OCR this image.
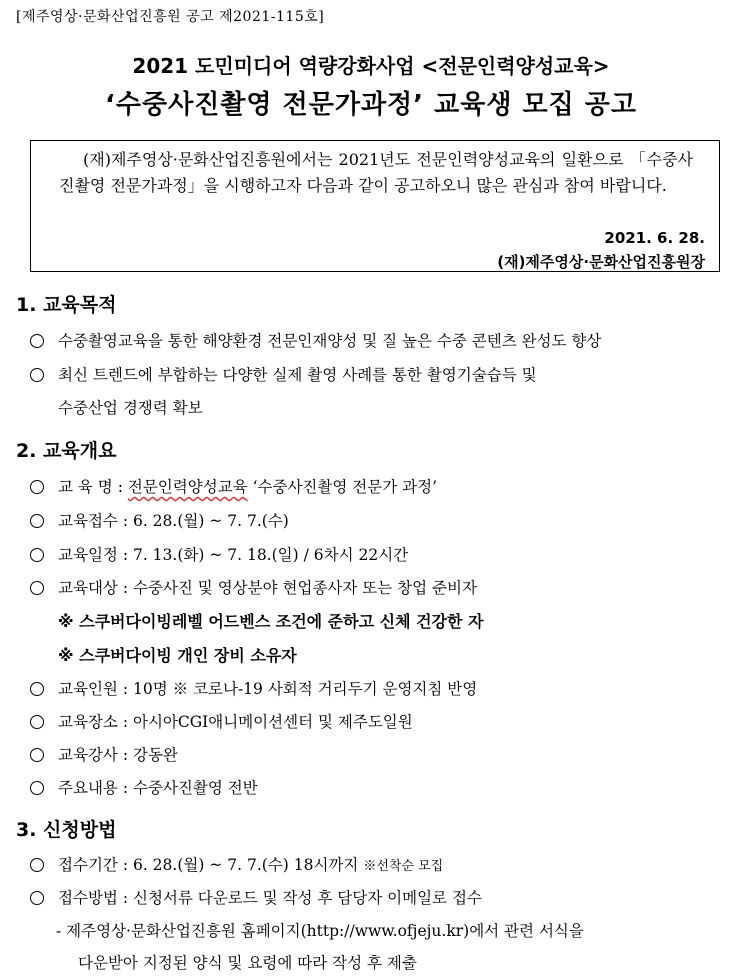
[제주영상·문화산업진흥원 공고 제2021-115호]
2021 도민미디어 역량강화사업 <전문인력양성교육>
‘수중사진촬영 전문가과정’ 교육생 모집 공고

  (재)제주영상·문화산업진흥원에서는 2021년도 전문인력양성교육의 일환으로 「수중사진촬영 전문가과정」을 시행하고자 다음과 같이 공고하오니 많은 관심과 참여 바랍니다.

2021. 6. 28.

(재)제주영상·문화산업진흥원장

1. 교육목적
수중촬영교육을 통한 해양환경 전문인재양성 및 질 높은 수중 콘텐츠 완성도 향상
최신 트렌드에 부합하는 다양한 실제 촬영 사례를 통한 촬영기술습득 및
수중산업 경쟁력 확보
2. 교육개요
교 육 명 : 전문인력양성교육 ‘수중사진촬영 전문가 과정’
교육접수 : 6. 28.(월) ~ 7. 7.(수)
교육일정 : 7. 13.(화) ~ 7. 18.(일) / 6차시 22시간
교육대상 : 수중사진 및 영상분야 현업종사자 또는 창업 준비자
※ 스쿠버다이빙레벨 어드벤스 조건에 준하고 신체 건강한 자
※ 스쿠버다이빙 개인 장비 소유자
교육인원 : 10명 ※ 코로나-19 사회적 거리두기 운영지침 반영
교육장소 : 아시아CGI애니메이션센터 및 제주도일원
교육강사 : 강동완
주요내용 : 수중사진촬영 전반
3. 신청방법
접수기간 : 6. 28.(월) ~ 7. 7.(수) 18시까지 ※선착순 모집
접수방법 : 신청서류 다운로드 및 작성 후 담당자 이메일로 접수
- 제주영상·문화산업진흥원 홈페이지(http://www.ofjeju.kr)에서 관련 서식을
다운받아 지정된 양식 및 요령에 따라 작성 후 제출
